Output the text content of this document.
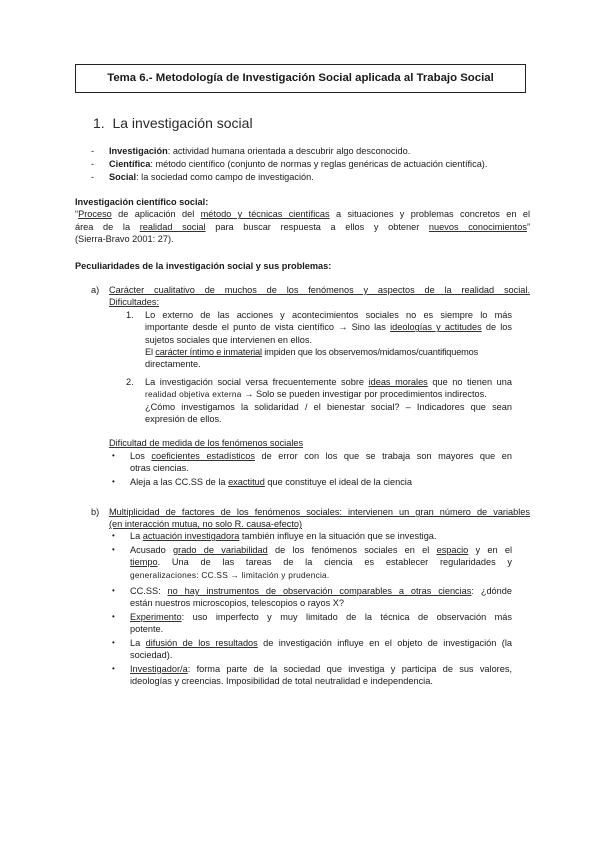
Tema 6.- Metodología de Investigación Social aplicada al Trabajo Social
1. La investigación social
-	Investigación: actividad humana orientada a descubrir algo desconocido.
-	Científica: método científico (conjunto de normas y reglas genéricas de actuación científica).
-	Social: la sociedad como campo de investigación.
Investigación científico social:
“Proceso de aplicación del método y técnicas científicas a situaciones y problemas concretos en el
área de la realidad social para buscar respuesta a ellos y obtener nuevos conocimientos”
(Sierra-Bravo 2001: 27).
Peculiaridades de la investigación social y sus problemas:
a) Carácter cualitativo de muchos de los fenómenos y aspectos de la realidad social.
Dificultades:
1. Lo externo de las acciones y acontecimientos sociales no es siempre lo más
importante desde el punto de vista científico → Sino las ideologías y actitudes de los
sujetos sociales que intervienen en ellos.
El carácter íntimo e inmaterial impiden que los observemos/midamos/cuantifiquemos
directamente.
2. La investigación social versa frecuentemente sobre ideas morales que no tienen una
realidad objetiva externa → Solo se pueden investigar por procedimientos indirectos.
¿Cómo investigamos la solidaridad / el bienestar social? – Indicadores que sean
expresión de ellos.
Dificultad de medida de los fenómenos sociales
• Los coeficientes estadísticos de error con los que se trabaja son mayores que en
otras ciencias.
• Aleja a las CC.SS de la exactitud que constituye el ideal de la ciencia
b) Multiplicidad de factores de los fenómenos sociales: intervienen un gran número de variables
(en interacción mutua, no solo R. causa-efecto)
• La actuación investigadora también influye en la situación que se investiga.
• Acusado grado de variabilidad de los fenómenos sociales en el espacio y en el
tiempo. Una de las tareas de la ciencia es establecer regularidades y
generalizaciones: CC.SS → limitación y prudencia.
• CC.SS: no hay instrumentos de observación comparables a otras ciencias: ¿dónde
están nuestros microscopios, telescopios o rayos X?
• Experimento: uso imperfecto y muy limitado de la técnica de observación más
potente.
• La difusión de los resultados de investigación influye en el objeto de investigación (la
sociedad).
• Investigador/a: forma parte de la sociedad que investiga y participa de sus valores,
ideologías y creencias. Imposibilidad de total neutralidad e independencia.
